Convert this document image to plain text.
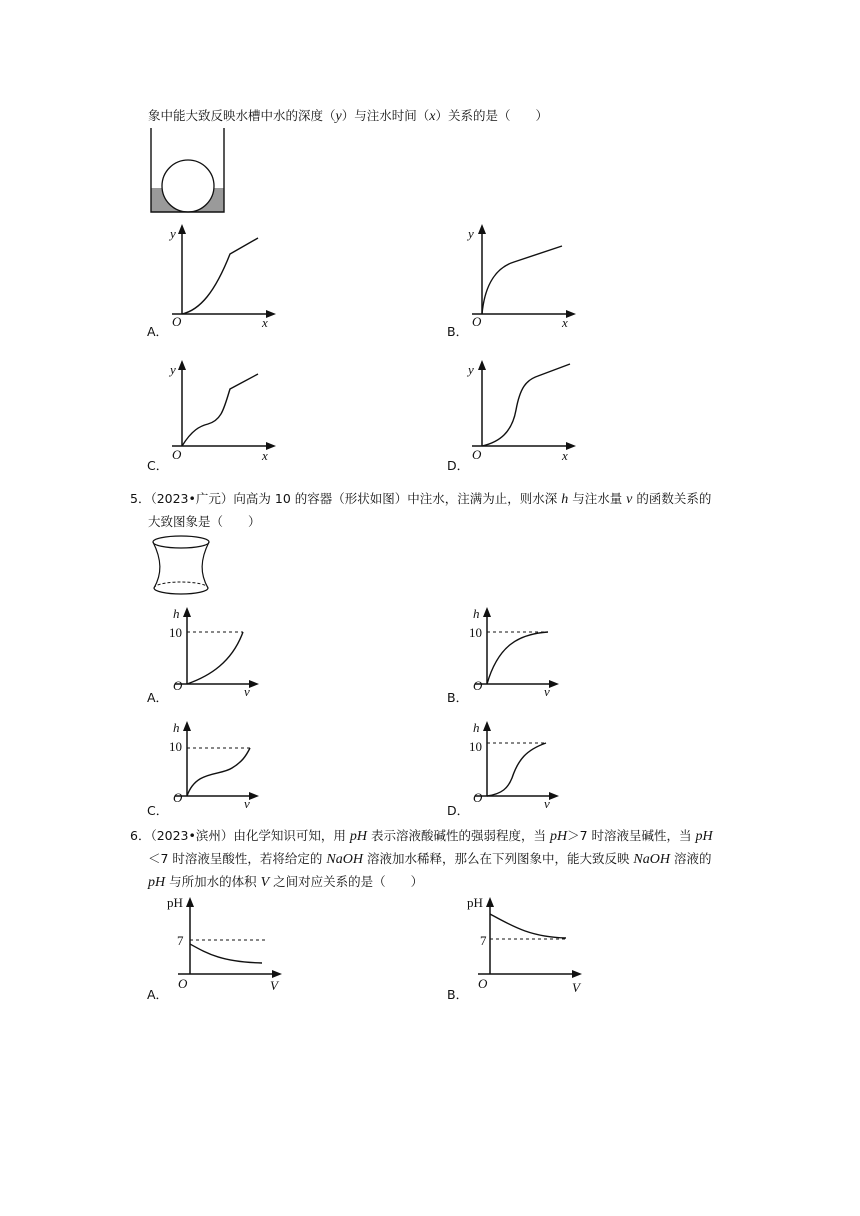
象中能大致反映水槽中水的深度（y）与注水时间（x）关系的是（　　）
y
O	x
A．
y
O	x
B．
y
O	x
C．
y
O	x
D．
5．（2023•广元）向高为 10 的容器（形状如图）中注水，注满为止，则水深 h 与注水量 v 的函数关系的
大致图象是（　　）
h
10
O	v
A．
h
10
O	v
B．
h
10
O	v
C．
h
10
O	v
D．
6．（2023•滨州）由化学知识可知，用 pH 表示溶液酸碱性的强弱程度，当 pH＞7 时溶液呈碱性，当 pH
＜7 时溶液呈酸性，若将给定的 NaOH 溶液加水稀释，那么在下列图象中，能大致反映 NaOH 溶液的
pH 与所加水的体积 V 之间对应关系的是（　　）
pH
7
O	V
A．
pH
7
O	V
B．
